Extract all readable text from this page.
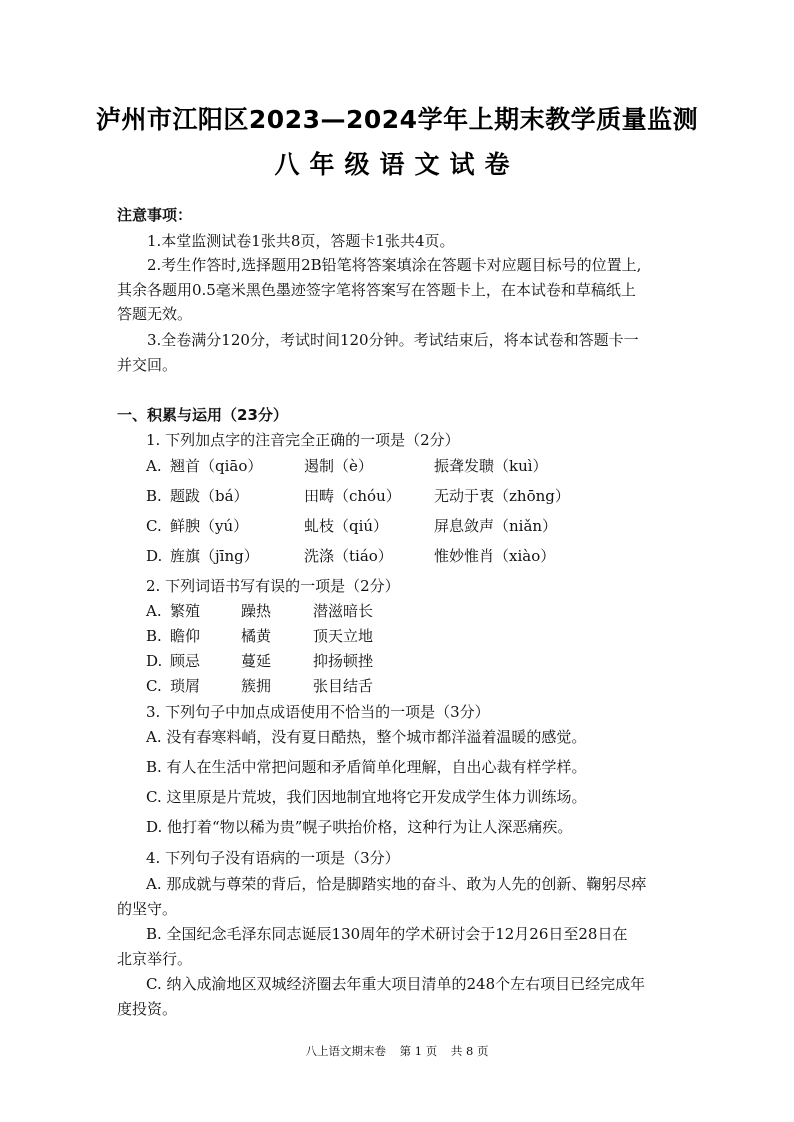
泸州市江阳区2023—2024学年上期末教学质量监测
八年级语文试卷
注意事项：
1.本堂监测试卷1张共8页，答题卡1张共4页。
2.考生作答时,选择题用2B铅笔将答案填涂在答题卡对应题目标号的位置上,
其余各题用0.5毫米黑色墨迹签字笔将答案写在答题卡上，在本试卷和草稿纸上
答题无效。
3.全卷满分120分，考试时间120分钟。考试结束后，将本试卷和答题卡一
并交回。
一、积累与运用（23分）
1. 下列加点字的注音完全正确的一项是（2分）
A. 翘首（qiāo）	遏制（è）	振聋发聩（kuì）
B. 题跋（bá）	田畴（chóu） 无动于衷（zhōng）
C. 鲜腴（yú）	虬枝（qiú）	屏息敛声（niǎn）
D. 旌旗（jīng）	洗涤（tiáo）	惟妙惟肖（xiào）
2. 下列词语书写有误的一项是（2分）
A. 繁殖	躁热	潜滋暗长
B. 瞻仰	橘黄	顶天立地
D. 顾忌	蔓延	抑扬顿挫
C. 琐屑	簇拥	张目结舌
3. 下列句子中加点成语使用不恰当的一项是（3分）
A. 没有春寒料峭，没有夏日酷热，整个城市都洋溢着温暖的感觉。
B. 有人在生活中常把问题和矛盾简单化理解，自出心裁有样学样。
C. 这里原是片荒坡，我们因地制宜地将它开发成学生体力训练场。
D. 他打着“物以稀为贵”幌子哄抬价格，这种行为让人深恶痛疾。
4. 下列句子没有语病的一项是（3分）
A. 那成就与尊荣的背后，恰是脚踏实地的奋斗、敢为人先的创新、鞠躬尽瘁
的坚守。
B. 全国纪念毛泽东同志诞辰130周年的学术研讨会于12月26日至28日在
北京举行。
C. 纳入成渝地区双城经济圈去年重大项目清单的248个左右项目已经完成年
度投资。
八上语文期末卷 第 1 页 共 8 页
